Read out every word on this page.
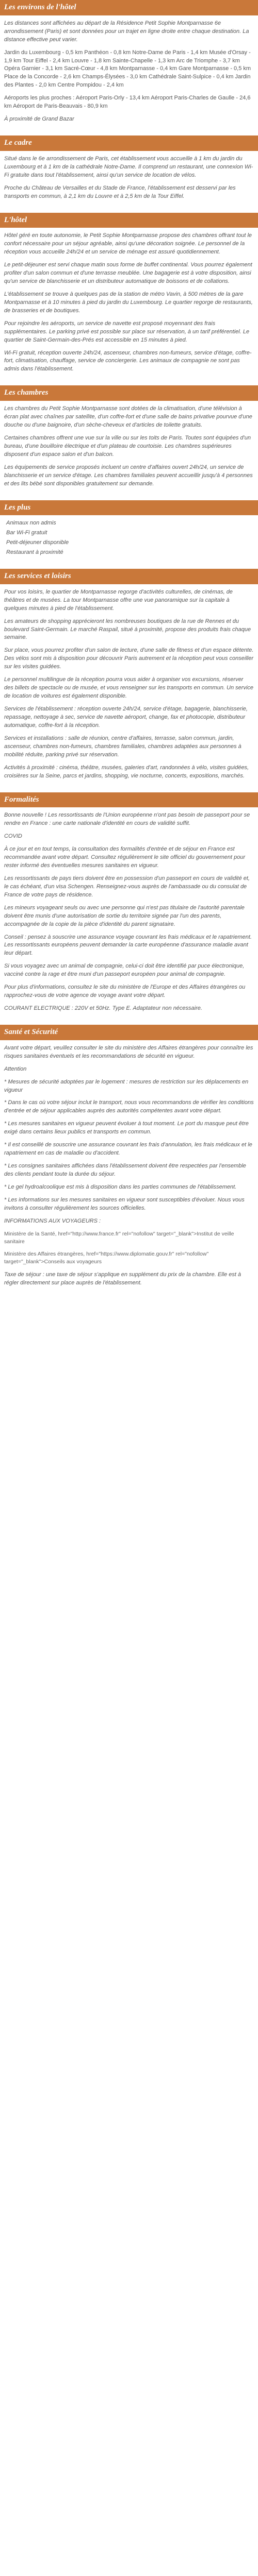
Les environs de l'hôtel

Les distances sont affichées au départ de la Résidence Petit Sophie Montparnasse 6e arrondissement (Paris) et sont données pour un trajet en ligne droite entre chaque destination. La distance effective peut varier.

Jardin du Luxembourg - 0,5 km Panthéon - 0,8 km Notre-Dame de Paris - 1,4 km Musée d'Orsay - 1,9 km Tour Eiffel - 2,4 km Louvre - 1,8 km Sainte-Chapelle - 1,3 km Arc de Triomphe - 3,7 km Opéra Garnier - 3,1 km Sacré-Cœur - 4,8 km Montparnasse - 0,4 km Gare Montparnasse - 0,5 km Place de la Concorde - 2,6 km Champs-Élysées - 3,0 km Cathédrale Saint-Sulpice - 0,4 km Jardin des Plantes - 2,0 km Centre Pompidou - 2,4 km

Aéroports les plus proches : Aéroport Paris-Orly - 13,4 km Aéroport Paris-Charles de Gaulle - 24,6 km Aéroport de Paris-Beauvais - 80,9 km

À proximité de Grand Bazar

Le cadre

Situé dans le 6e arrondissement de Paris, cet établissement vous accueille à 1 km du jardin du Luxembourg et à 1 km de la cathédrale Notre-Dame. Il comprend un restaurant, une connexion Wi-Fi gratuite dans tout l'établissement, ainsi qu'un service de location de vélos.

Proche du Château de Versailles et du Stade de France, l'établissement est desservi par les transports en commun, à 2,1 km du Louvre et à 2,5 km de la Tour Eiffel.

L'hôtel

Hôtel géré en toute autonomie, le Petit Sophie Montparnasse propose des chambres offrant tout le confort nécessaire pour un séjour agréable, ainsi qu'une décoration soignée. Le personnel de la réception vous accueille 24h/24 et un service de ménage est assuré quotidiennement.

Le petit-déjeuner est servi chaque matin sous forme de buffet continental. Vous pourrez également profiter d'un salon commun et d'une terrasse meublée. Une bagagerie est à votre disposition, ainsi qu'un service de blanchisserie et un distributeur automatique de boissons et de collations.

L'établissement se trouve à quelques pas de la station de métro Vavin, à 500 mètres de la gare Montparnasse et à 10 minutes à pied du jardin du Luxembourg. Le quartier regorge de restaurants, de brasseries et de boutiques.

Pour rejoindre les aéroports, un service de navette est proposé moyennant des frais supplémentaires. Le parking privé est possible sur place sur réservation, à un tarif préférentiel. Le quartier de Saint-Germain-des-Prés est accessible en 15 minutes à pied.

Wi-Fi gratuit, réception ouverte 24h/24, ascenseur, chambres non-fumeurs, service d'étage, coffre-fort, climatisation, chauffage, service de conciergerie. Les animaux de compagnie ne sont pas admis dans l'établissement.

Les chambres

Les chambres du Petit Sophie Montparnasse sont dotées de la climatisation, d'une télévision à écran plat avec chaînes par satellite, d'un coffre-fort et d'une salle de bains privative pourvue d'une douche ou d'une baignoire, d'un sèche-cheveux et d'articles de toilette gratuits.

Certaines chambres offrent une vue sur la ville ou sur les toits de Paris. Toutes sont équipées d'un bureau, d'une bouilloire électrique et d'un plateau de courtoisie. Les chambres supérieures disposent d'un espace salon et d'un balcon.

Les équipements de service proposés incluent un centre d'affaires ouvert 24h/24, un service de blanchisserie et un service d'étage. Les chambres familiales peuvent accueillir jusqu'à 4 personnes et des lits bébé sont disponibles gratuitement sur demande.

Les plus
Animaux non admis
Bar Wi-Fi gratuit
Petit-déjeuner disponible
Restaurant à proximité
Les services et loisirs

Pour vos loisirs, le quartier de Montparnasse regorge d'activités culturelles, de cinémas, de théâtres et de musées. La tour Montparnasse offre une vue panoramique sur la capitale à quelques minutes à pied de l'établissement.

Les amateurs de shopping apprécieront les nombreuses boutiques de la rue de Rennes et du boulevard Saint-Germain. Le marché Raspail, situé à proximité, propose des produits frais chaque semaine.

Sur place, vous pourrez profiter d'un salon de lecture, d'une salle de fitness et d'un espace détente. Des vélos sont mis à disposition pour découvrir Paris autrement et la réception peut vous conseiller sur les visites guidées.

Le personnel multilingue de la réception pourra vous aider à organiser vos excursions, réserver des billets de spectacle ou de musée, et vous renseigner sur les transports en commun. Un service de location de voitures est également disponible.

Services de l'établissement : réception ouverte 24h/24, service d'étage, bagagerie, blanchisserie, repassage, nettoyage à sec, service de navette aéroport, change, fax et photocopie, distributeur automatique, coffre-fort à la réception.

Services et installations : salle de réunion, centre d'affaires, terrasse, salon commun, jardin, ascenseur, chambres non-fumeurs, chambres familiales, chambres adaptées aux personnes à mobilité réduite, parking privé sur réservation.

Activités à proximité : cinéma, théâtre, musées, galeries d'art, randonnées à vélo, visites guidées, croisières sur la Seine, parcs et jardins, shopping, vie nocturne, concerts, expositions, marchés.

Formalités

Bonne nouvelle ! Les ressortissants de l'Union européenne n'ont pas besoin de passeport pour se rendre en France : une carte nationale d'identité en cours de validité suffit.

COVID

À ce jour et en tout temps, la consultation des formalités d'entrée et de séjour en France est recommandée avant votre départ. Consultez régulièrement le site officiel du gouvernement pour rester informé des éventuelles mesures sanitaires en vigueur.

Les ressortissants de pays tiers doivent être en possession d'un passeport en cours de validité et, le cas échéant, d'un visa Schengen. Renseignez-vous auprès de l'ambassade ou du consulat de France de votre pays de résidence.

Les mineurs voyageant seuls ou avec une personne qui n'est pas titulaire de l'autorité parentale doivent être munis d'une autorisation de sortie du territoire signée par l'un des parents, accompagnée de la copie de la pièce d'identité du parent signataire.

Conseil : pensez à souscrire une assurance voyage couvrant les frais médicaux et le rapatriement. Les ressortissants européens peuvent demander la carte européenne d'assurance maladie avant leur départ.

Si vous voyagez avec un animal de compagnie, celui-ci doit être identifié par puce électronique, vacciné contre la rage et être muni d'un passeport européen pour animal de compagnie.

Pour plus d'informations, consultez le site du ministère de l'Europe et des Affaires étrangères ou rapprochez-vous de votre agence de voyage avant votre départ.

COURANT ELECTRIQUE : 220V et 50Hz. Type E. Adaptateur non nécessaire.

Santé et Sécurité

Avant votre départ, veuillez consulter le site du ministère des Affaires étrangères pour connaître les risques sanitaires éventuels et les recommandations de sécurité en vigueur.

Attention

* Mesures de sécurité adoptées par le logement : mesures de restriction sur les déplacements en vigueur

* Dans le cas où votre séjour inclut le transport, nous vous recommandons de vérifier les conditions d'entrée et de séjour applicables auprès des autorités compétentes avant votre départ.

* Les mesures sanitaires en vigueur peuvent évoluer à tout moment. Le port du masque peut être exigé dans certains lieux publics et transports en commun.

* Il est conseillé de souscrire une assurance couvrant les frais d'annulation, les frais médicaux et le rapatriement en cas de maladie ou d'accident.

* Les consignes sanitaires affichées dans l'établissement doivent être respectées par l'ensemble des clients pendant toute la durée du séjour.

* Le gel hydroalcoolique est mis à disposition dans les parties communes de l'établissement.

* Les informations sur les mesures sanitaires en vigueur sont susceptibles d'évoluer. Nous vous invitons à consulter régulièrement les sources officielles.

INFORMATIONS AUX VOYAGEURS :

Ministère de la Santé, href="http://www.france.fr" rel="nofollow" target="_blank">Institut de veille sanitaire

Ministère des Affaires étrangères, href="https://www.diplomatie.gouv.fr" rel="nofollow" target="_blank">Conseils aux voyageurs

Taxe de séjour : une taxe de séjour s'applique en supplément du prix de la chambre. Elle est à régler directement sur place auprès de l'établissement.
